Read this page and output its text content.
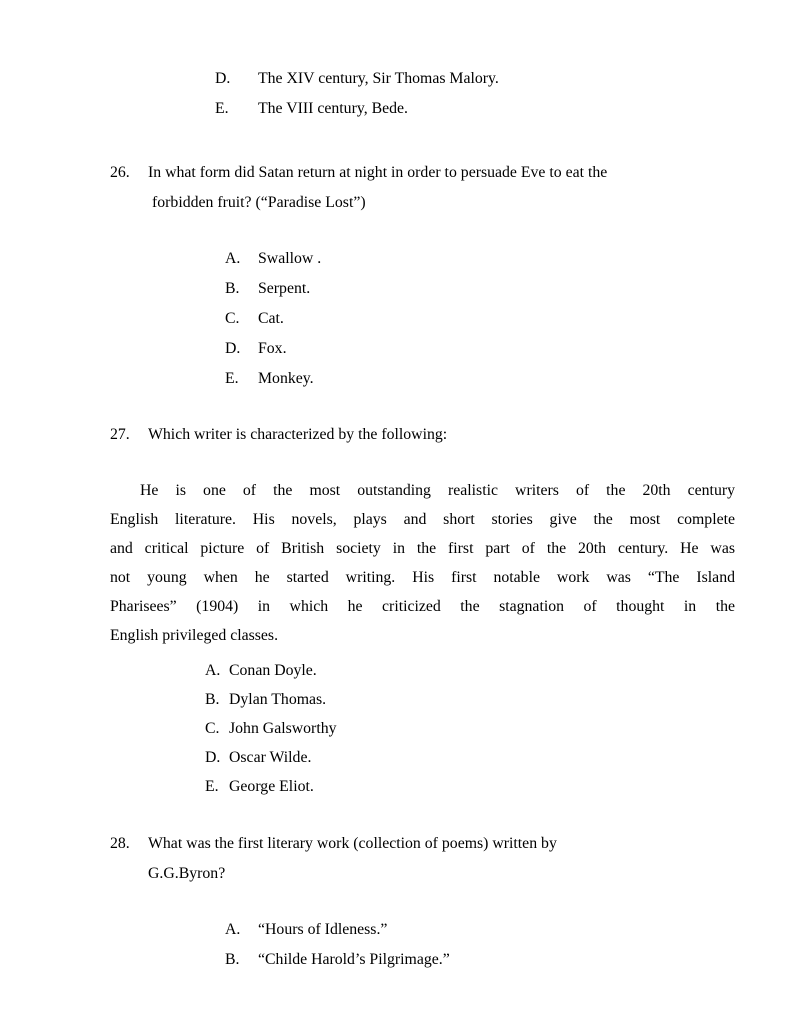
D.	The XIV century, Sir Thomas Malory.
E.	The VIII century, Bede.
26.	In what form did Satan return at night in order to persuade Eve to eat the
forbidden fruit? (“Paradise Lost”)
A.	Swallow .
B.	Serpent.
C.	Cat.
D.	Fox.
E.	Monkey.
27.	Which writer is characterized by the following:
He is one of the most outstanding realistic writers of the 20th century
English literature. His novels, plays and short stories give the most complete
and critical picture of British society in the first part of the 20th century. He was
not young when he started writing. His first notable work was “The Island
Pharisees” (1904) in which he criticized the stagnation of thought in the
English privileged classes.
A. Conan Doyle.
B. Dylan Thomas.
C. John Galsworthy
D. Oscar Wilde.
E. George Eliot.
28.	What was the first literary work (collection of poems) written by
G.G.Byron?
A.	“Hours of Idleness.”
B.	“Childe Harold’s Pilgrimage.”
